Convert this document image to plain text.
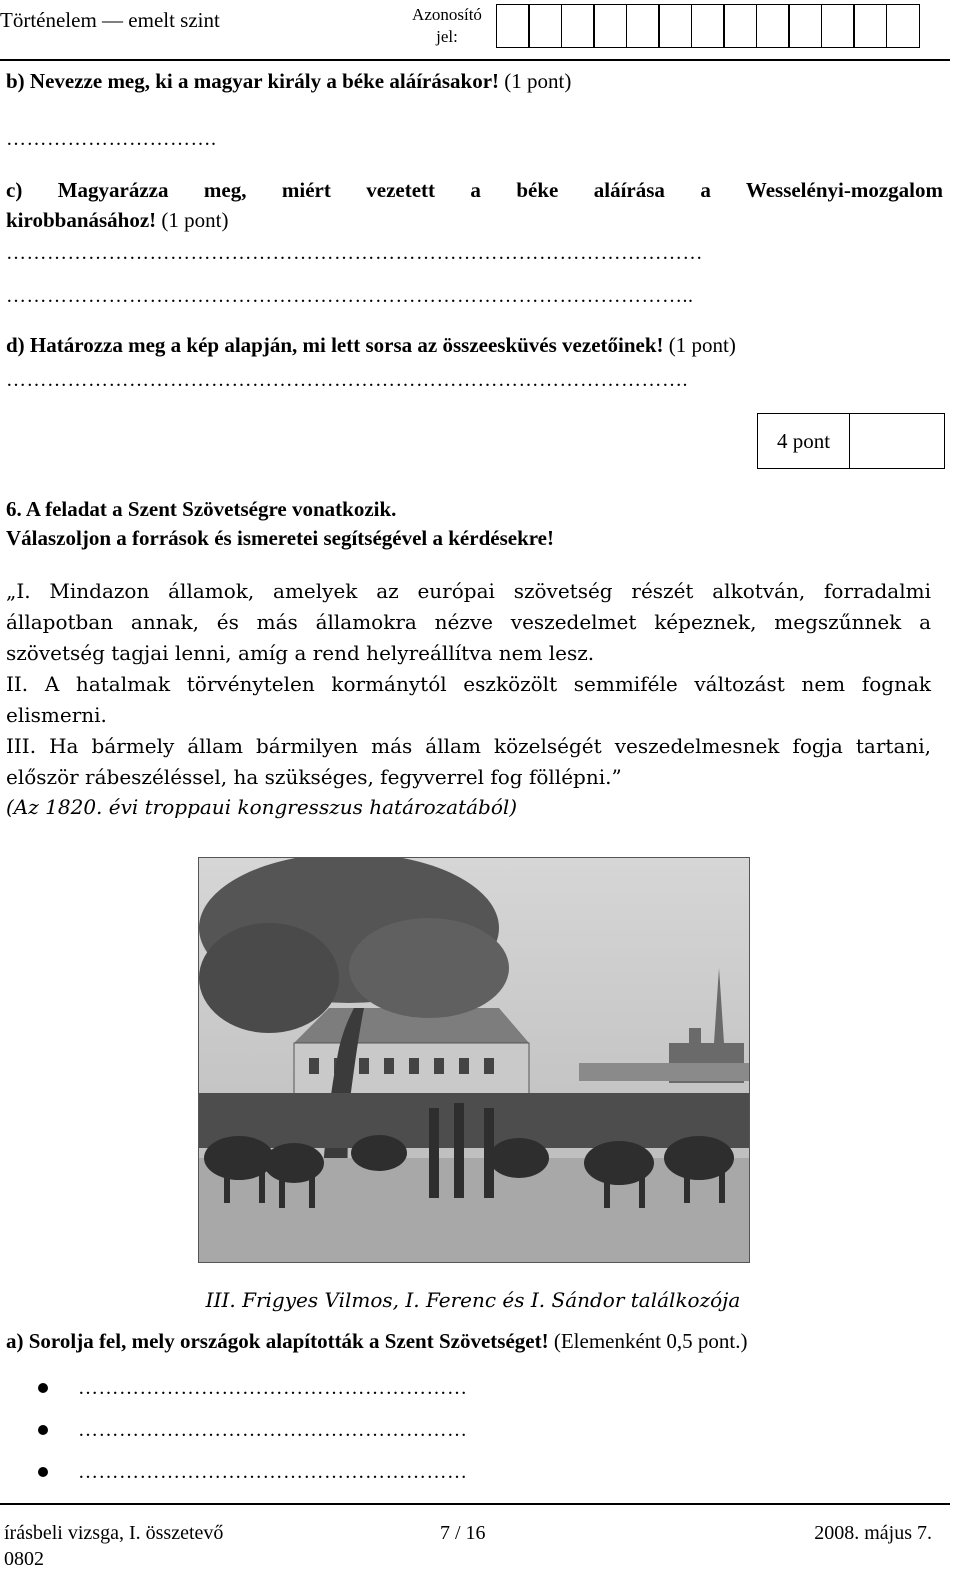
Történelem — emelt szint	Azonosító
jel:
b) Nevezze meg, ki a magyar király a béke aláírásakor! (1 pont)
………………………….
c) Magyarázza meg, miért vezetett a béke aláírása a Wesselényi-mozgalom
kirobbanásához! (1 pont)
…………………………………………………………………………………………
………………………………………………………………………………………..
d) Határozza meg a kép alapján, mi lett sorsa az összeesküvés vezetőinek! (1 pont)
……………………………………………………………………………………….
4 pont
6. A feladat a Szent Szövetségre vonatkozik.
Válaszoljon a források és ismeretei segítségével a kérdésekre!
„I. Mindazon államok, amelyek az európai szövetség részét alkotván, forradalmi állapotban annak, és más államokra nézve veszedelmet képeznek, megszűnnek a szövetség tagjai lenni, amíg a rend helyreállítva nem lesz.
II. A hatalmak törvénytelen kormánytól eszközölt semmiféle változást nem fognak elismerni.
III. Ha bármely állam bármilyen más állam közelségét veszedelmesnek fogja tartani, először rábeszéléssel, ha szükséges, fegyverrel fog föllépni.”
(Az 1820. évi troppaui kongresszus határozatából)
III. Frigyes Vilmos, I. Ferenc és I. Sándor találkozója
a) Sorolja fel, mely országok alapították a Szent Szövetséget! (Elemenként 0,5 pont.)
…………………………………………………
…………………………………………………
…………………………………………………
írásbeli vizsga, I. összetevő
0802
7 / 16	2008. május 7.
